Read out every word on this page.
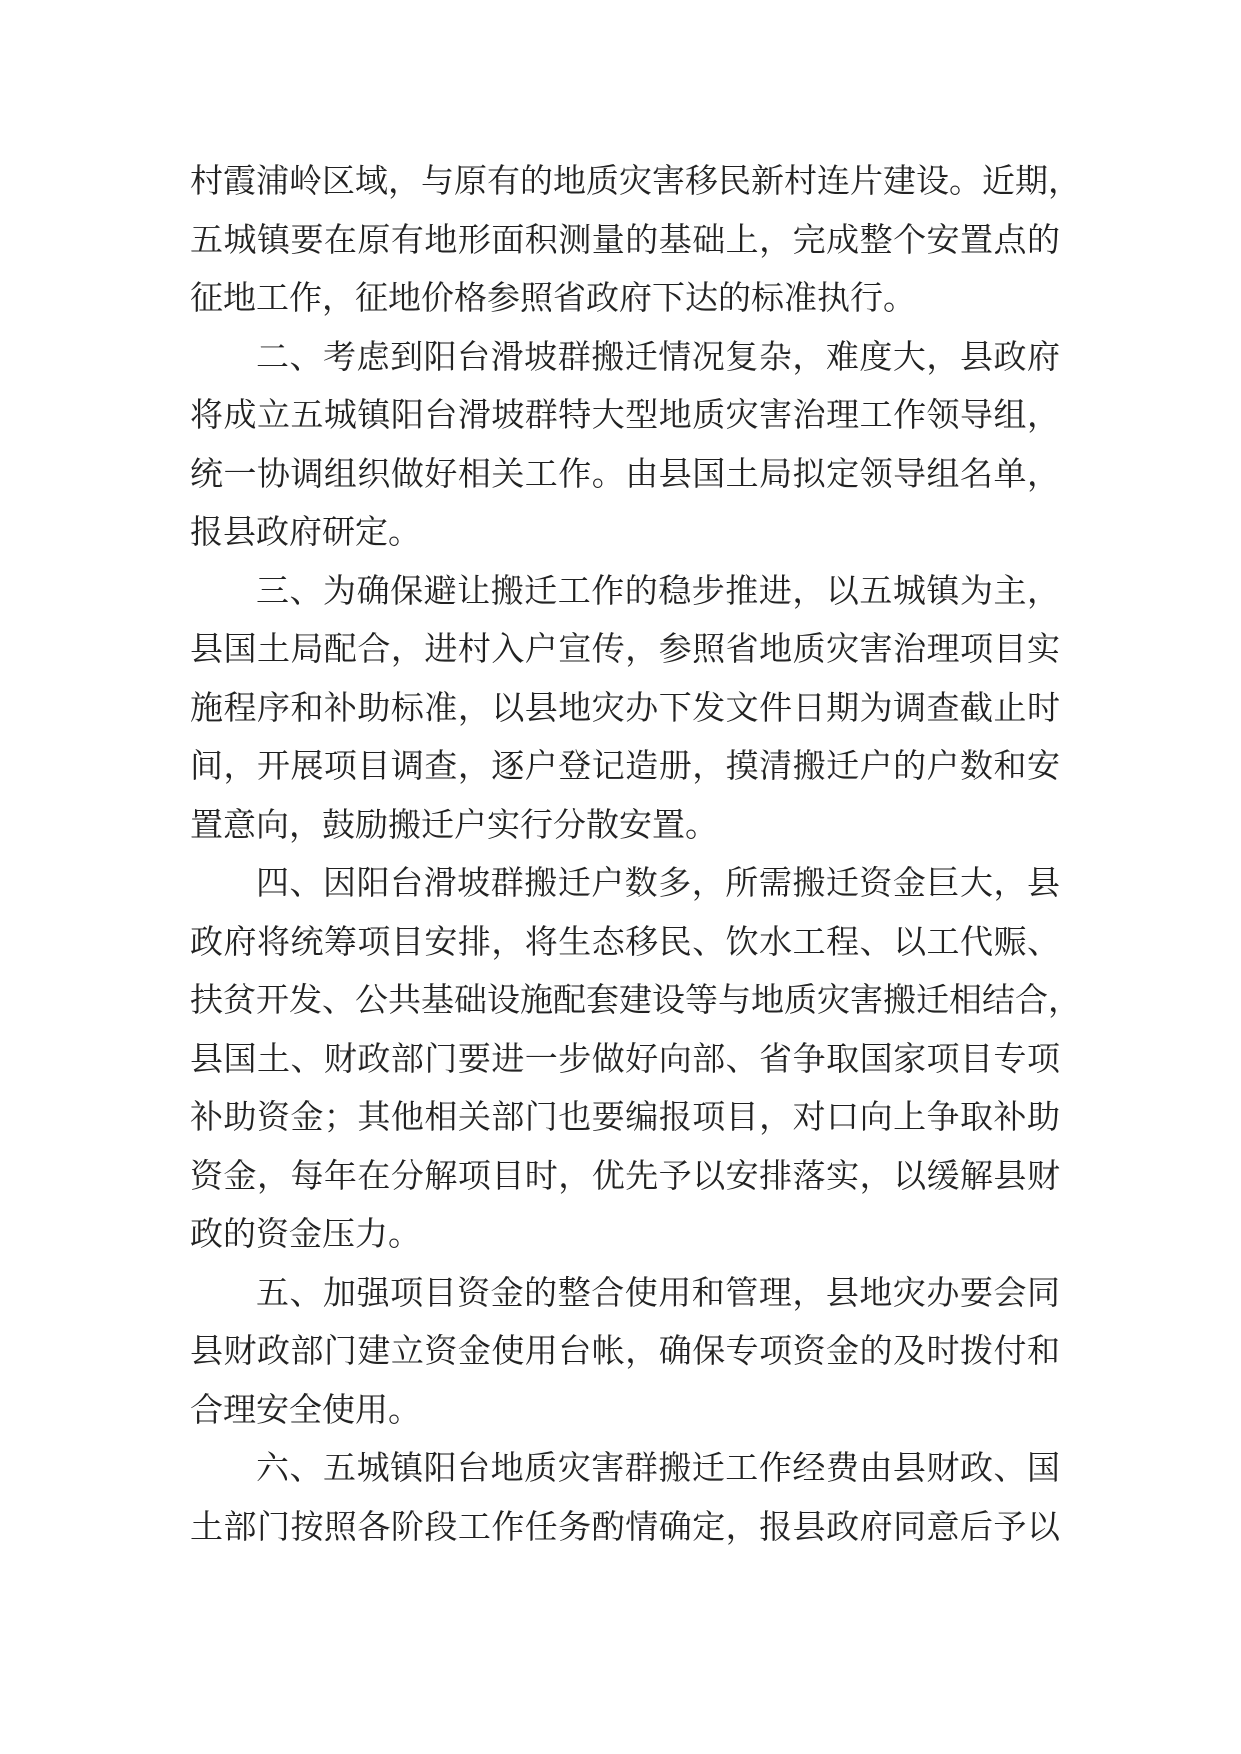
村霞浦岭区域，与原有的地质灾害移民新村连片建设。近期，
五城镇要在原有地形面积测量的基础上，完成整个安置点的
征地工作，征地价格参照省政府下达的标准执行。
二、考虑到阳台滑坡群搬迁情况复杂，难度大，县政府
将成立五城镇阳台滑坡群特大型地质灾害治理工作领导组，
统一协调组织做好相关工作。由县国土局拟定领导组名单，
报县政府研定。
三、为确保避让搬迁工作的稳步推进，以五城镇为主，
县国土局配合，进村入户宣传，参照省地质灾害治理项目实
施程序和补助标准，以县地灾办下发文件日期为调查截止时
间，开展项目调查，逐户登记造册，摸清搬迁户的户数和安
置意向，鼓励搬迁户实行分散安置。
四、因阳台滑坡群搬迁户数多，所需搬迁资金巨大，县
政府将统筹项目安排，将生态移民、饮水工程、以工代赈、
扶贫开发、公共基础设施配套建设等与地质灾害搬迁相结合，
县国土、财政部门要进一步做好向部、省争取国家项目专项
补助资金；其他相关部门也要编报项目，对口向上争取补助
资金，每年在分解项目时，优先予以安排落实，以缓解县财
政的资金压力。
五、加强项目资金的整合使用和管理，县地灾办要会同
县财政部门建立资金使用台帐，确保专项资金的及时拨付和
合理安全使用。
六、五城镇阳台地质灾害群搬迁工作经费由县财政、国
土部门按照各阶段工作任务酌情确定，报县政府同意后予以
